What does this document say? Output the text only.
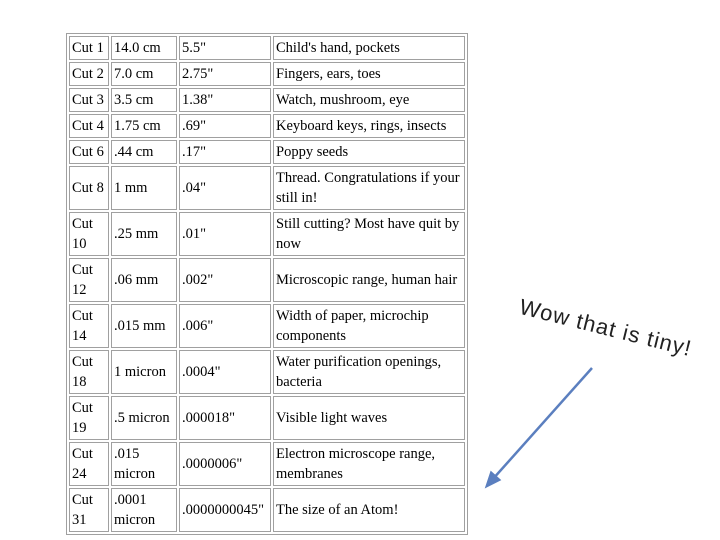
Cut 1	14.0 cm	5.5"	Child's hand, pockets
Cut 2	7.0 cm	2.75"	Fingers, ears, toes
Cut 3	3.5 cm	1.38"	Watch, mushroom, eye
Cut 4	1.75 cm	.69"	Keyboard keys, rings, insects
Cut 6	.44 cm	.17"	Poppy seeds
Cut 8	1 mm	.04"	Thread. Congratulations if your still in!
Cut 10	.25 mm	.01"	Still cutting? Most have quit by now
Cut 12	.06 mm	.002"	Microscopic range, human hair
Cut 14	.015 mm	.006"	Width of paper, microchip components
Cut 18	1 micron	.0004"	Water purification openings, bacteria
Cut 19	.5 micron	.000018"	Visible light waves
Cut 24	.015 micron	.0000006"	Electron microscope range, membranes
Cut 31	.0001 micron	.0000000045"	The size of an Atom!
Wow that is tiny!
